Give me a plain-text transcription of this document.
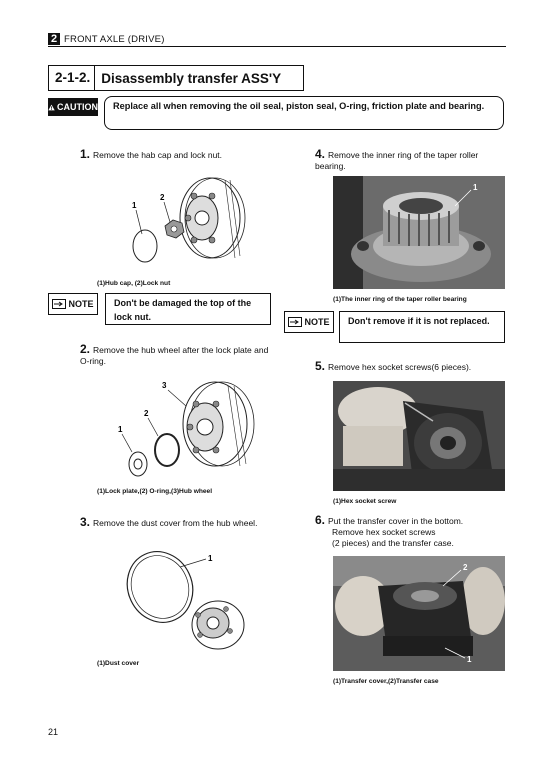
2 FRONT AXLE (DRIVE)
2-1-2. Disassembly transfer ASS'Y
CAUTION	Replace all when removing the oil seal, piston seal, O-ring, friction plate and bearing.
1. Remove the hab cap and lock nut.
1
2
(1)Hub cap, (2)Lock nut
NOTE	Don't be damaged the top of the lock nut.
2. Remove the hub wheel after the lock plate and O-ring.
1
2
3
(1)Lock plate,(2) O-ring,(3)Hub wheel
3. Remove the dust cover from the hub wheel.
1
(1)Dust cover
4. Remove the inner ring of the taper roller bearing.
1
(1)The inner ring of the taper roller bearing
NOTE	Don't remove if it is not replaced.
5. Remove hex socket screws(6 pieces).
(1)Hex socket screw
6. Put the transfer cover in the bottom.
Remove hex socket screws
(2 pieces) and the transfer case.
2
1
(1)Transfer cover,(2)Transfer case
21
